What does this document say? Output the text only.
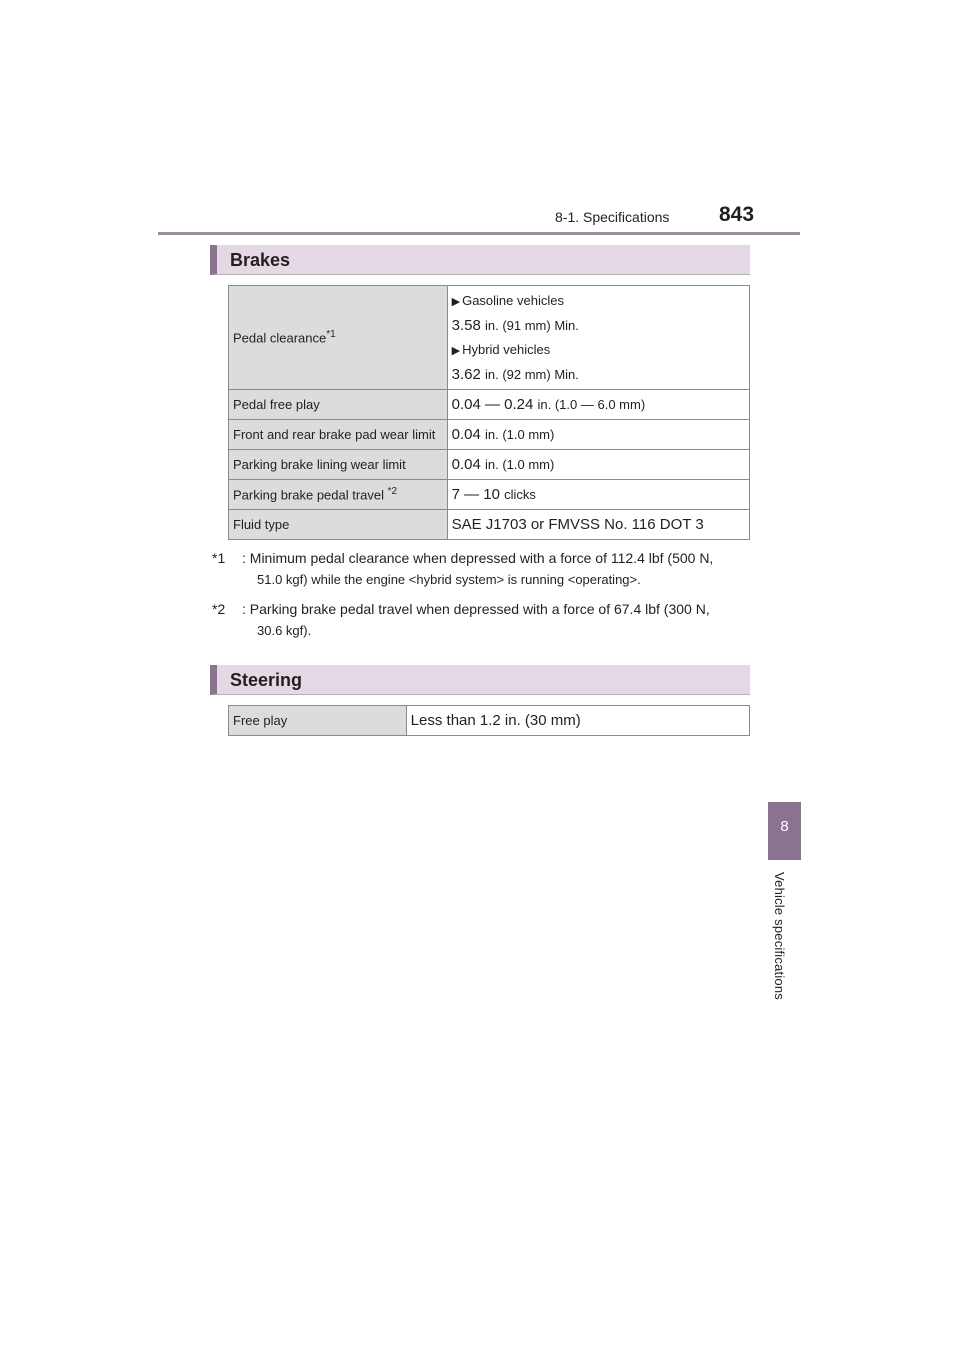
8-1. Specifications 843
8
Vehicle specifications
Brakes
Pedal clearance$^{*1}$	▶ Gasoline vehicles
3.58 in. (91 mm) Min.
▶ Hybrid vehicles
3.62 in. (92 mm) Min.

Pedal free play	0.04 — 0.24 in. (1.0 — 6.0 mm)
Front and rear brake pad wear limit	0.04 in. (1.0 mm)
Parking brake lining wear limit	0.04 in. (1.0 mm)
Parking brake pedal travel $^{*2}$	7 — 10 clicks
Fluid type	SAE J1703 or FMVSS No. 116 DOT 3
*1 : Minimum pedal clearance when depressed with a force of 112.4 lbf (500 N,
51.0 kgf) while the engine <hybrid system> is running <operating>.
*2 : Parking brake pedal travel when depressed with a force of 67.4 lbf (300 N,
30.6 kgf).
Steering
Free play	Less than 1.2 in. (30 mm)
